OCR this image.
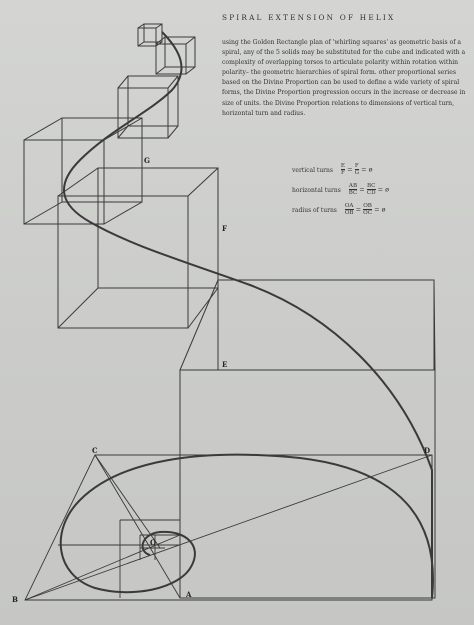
SPIRAL EXTENSION OF HELIX
using the Golden Rectangle plan of 'whirling squares' as geometric basis of a spiral, any of the 5 solids may be substituted for the cube and indicated with a complexity of overlapping torsos to articulate polarity within rotation within polarity– the geometric hierarchies of spiral form. other proportional series based on the Divine Proportion can be used to define a wide variety of spiral forms, the Divine Proportion progression occurs in the increase or decrease in size of units. the Divine Proportion relations to dimensions of vertical turn, horizontal turn and radius.
vertical turns $\frac{E}{F} = \frac{F}{G}$ = ø
horizontal turns $\frac{AB}{BC} = \frac{BC}{CD}$ = ø
radius of turns $\frac{OA}{OB} = \frac{OB}{OC}$ = ø
C	D
B
A
O
E
F
G
